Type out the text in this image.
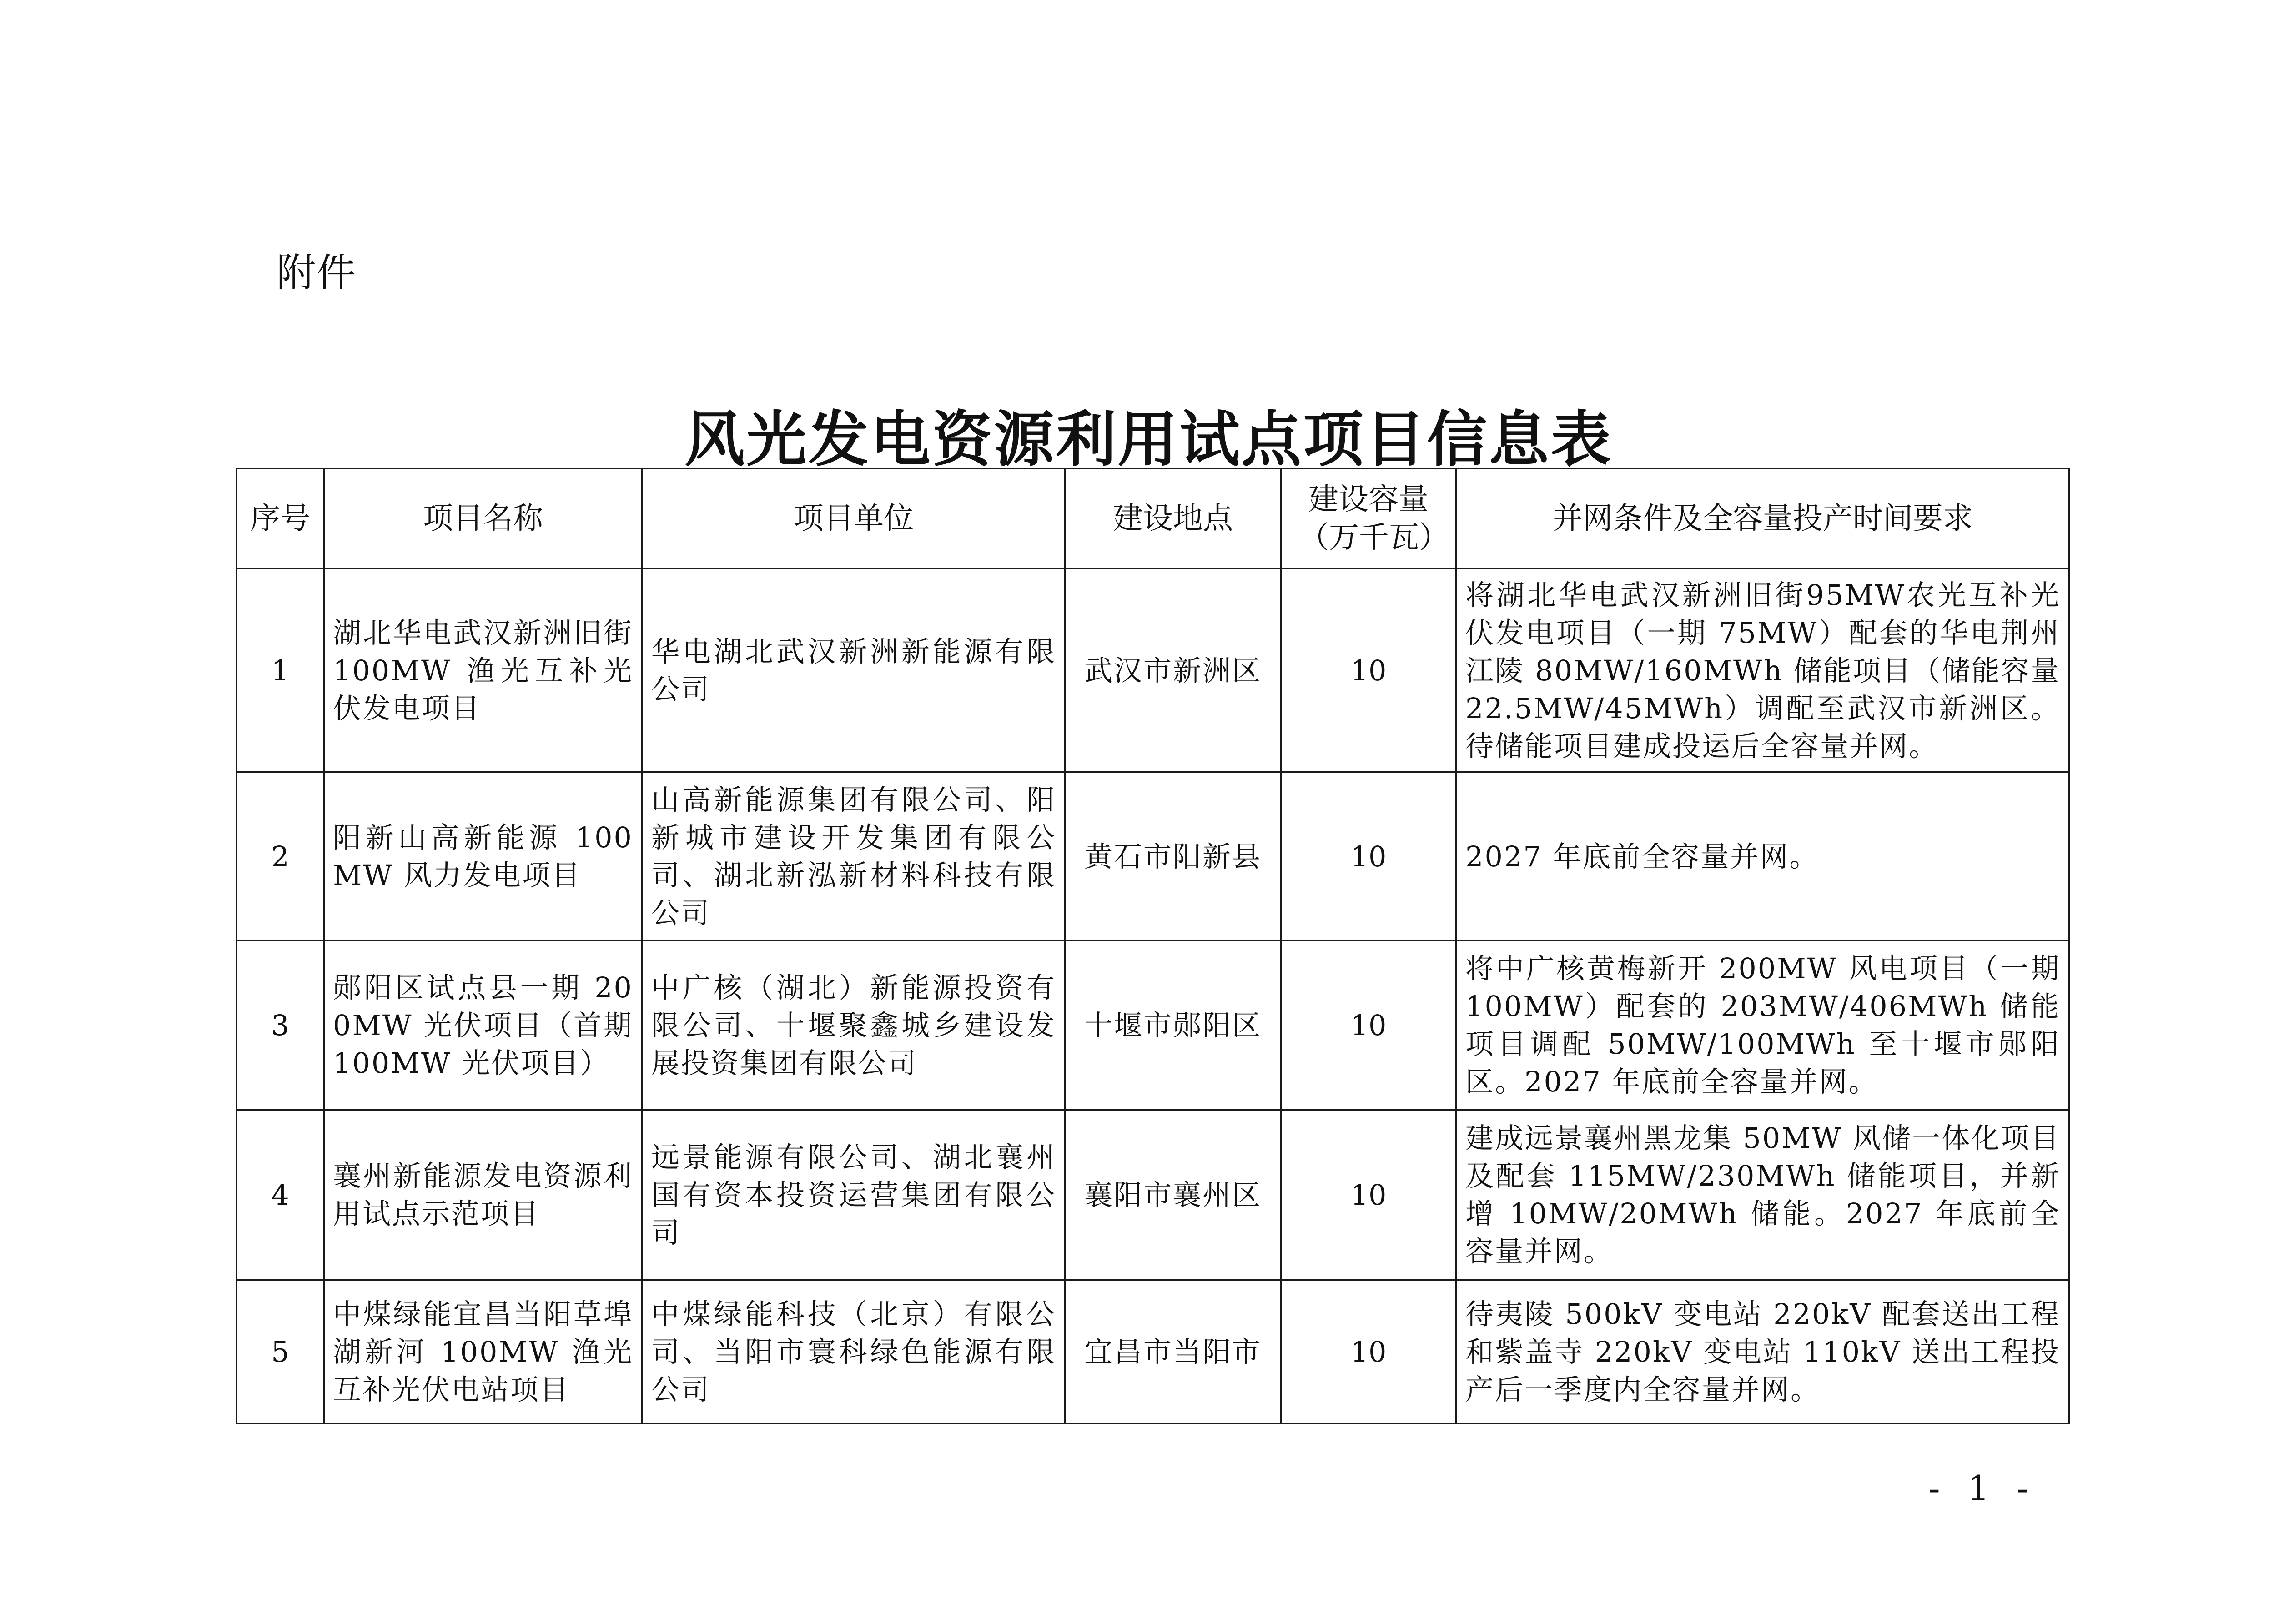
附件
风光发电资源利用试点项目信息表
序号	项目名称	项目单位	建设地点	建设容量（万千瓦）	并网条件及全容量投产时间要求
1	湖北华电武汉新洲旧街 100MW 渔光互补光伏发电项目	华电湖北武汉新洲新能源有限公司	武汉市新洲区	10	将湖北华电武汉新洲旧街95MW农光互补光伏发电项目（一期 75MW）配套的华电荆州江陵 80MW/160MWh 储能项目（储能容量 22.5MW/45MWh）调配至武汉市新洲区。待储能项目建成投运后全容量并网。
2	阳新山高新能源 100MW 风力发电项目	山高新能源集团有限公司、阳新城市建设开发集团有限公司、湖北新泓新材料科技有限公司	黄石市阳新县	10	2027 年底前全容量并网。
3	郧阳区试点县一期 200MW 光伏项目（首期 100MW 光伏项目）	中广核（湖北）新能源投资有限公司、十堰聚鑫城乡建设发展投资集团有限公司	十堰市郧阳区	10	将中广核黄梅新开 200MW 风电项目（一期 100MW）配套的 203MW/406MWh 储能项目调配 50MW/100MWh 至十堰市郧阳区。2027 年底前全容量并网。
4	襄州新能源发电资源利用试点示范项目	远景能源有限公司、湖北襄州国有资本投资运营集团有限公司	襄阳市襄州区	10	建成远景襄州黑龙集 50MW 风储一体化项目及配套 115MW/230MWh 储能项目，并新增 10MW/20MWh 储能。2027 年底前全容量并网。
5	中煤绿能宜昌当阳草埠湖新河 100MW 渔光互补光伏电站项目	中煤绿能科技（北京）有限公司、当阳市寰科绿色能源有限公司	宜昌市当阳市	10	待夷陵 500kV 变电站 220kV 配套送出工程和紫盖寺 220kV 变电站 110kV 送出工程投产后一季度内全容量并网。
- 1 -
